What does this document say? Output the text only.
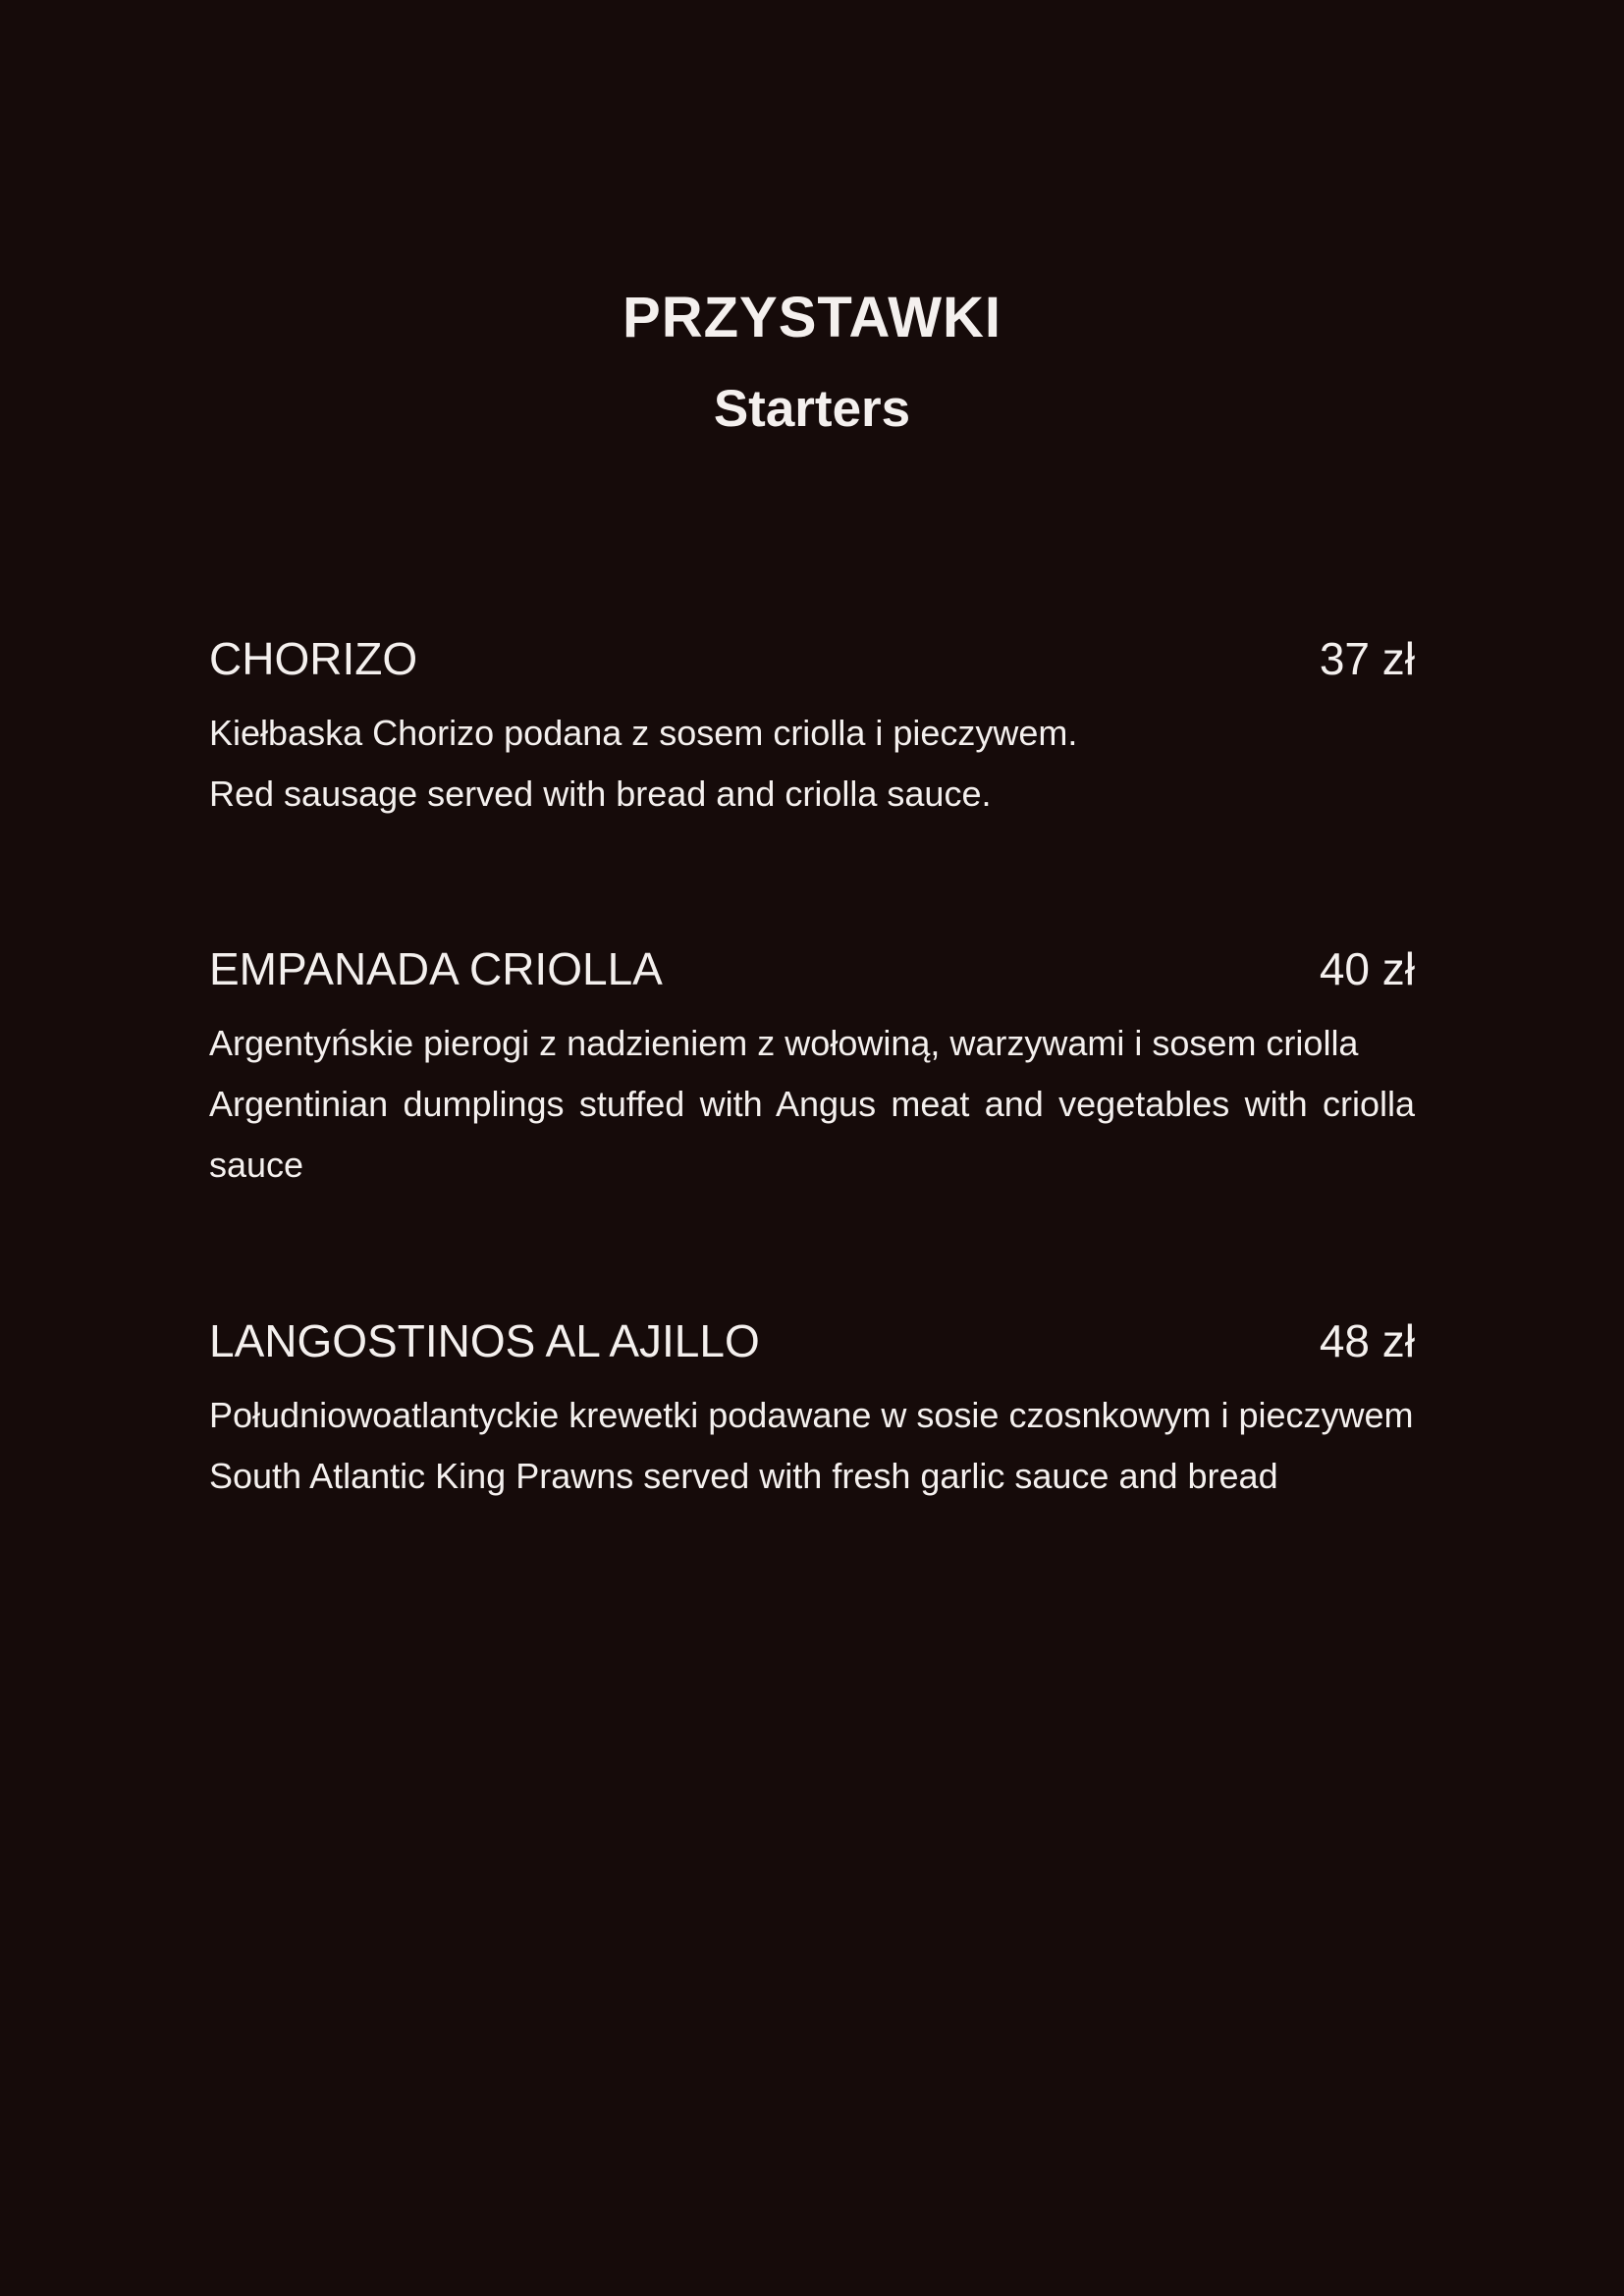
PRZYSTAWKI
Starters
CHORIZO	37 zł

Kiełbaska Chorizo podana z sosem criolla i pieczywem.

Red sausage served with bread and criolla sauce.

EMPANADA CRIOLLA	40 zł

Argentyńskie pierogi z nadzieniem z wołowiną, warzywami i sosem criolla

Argentinian dumplings stuffed with Angus meat and vegetables with criolla sauce

LANGOSTINOS AL AJILLO	48 zł

Południowoatlantyckie krewetki podawane w sosie czosnkowym i pieczywem

South Atlantic King Prawns served with fresh garlic sauce and bread
